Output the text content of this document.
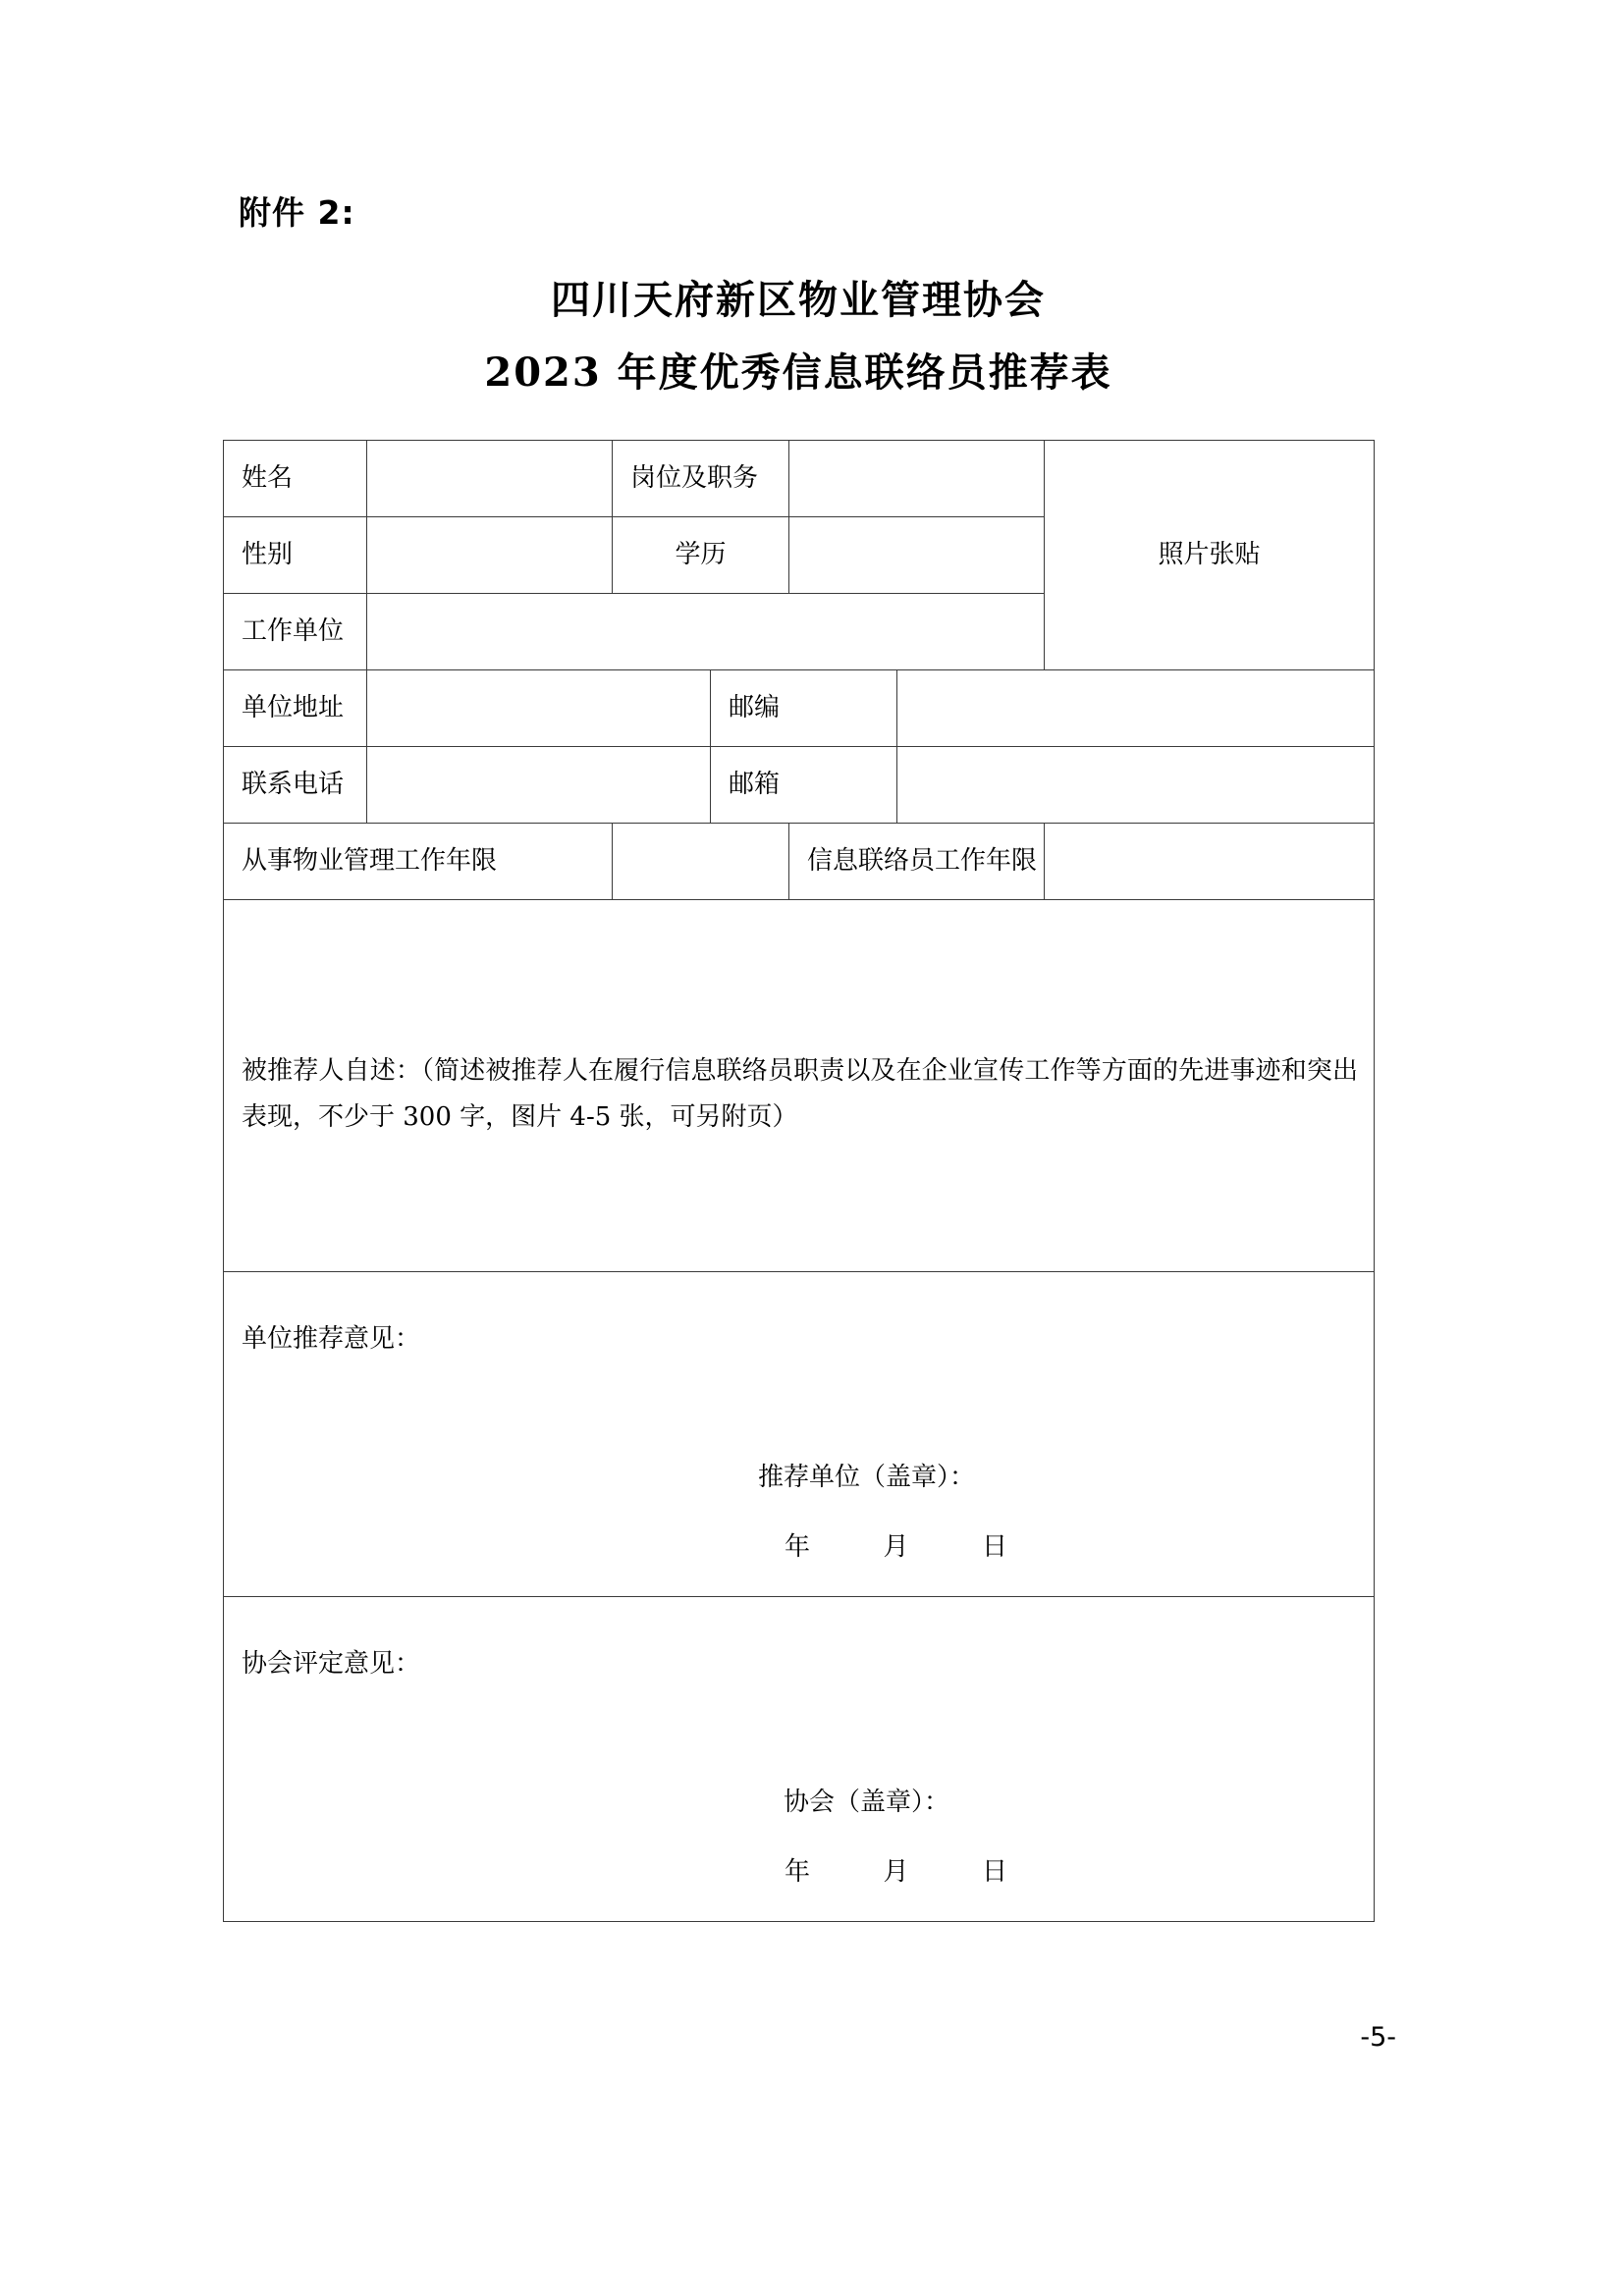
附件 2:
四川天府新区物业管理协会
2023 年度优秀信息联络员推荐表
姓名		岗位及职务				照片张贴
性别		学历				
工作单位						
单位地址			邮编			
联系电话			邮箱			
从事物业管理工作年限				信息联络员工作年限		

被推荐人自述：（简述被推荐人在履行信息联络员职责以及在企业宣传工作等方面的先进事迹和突出表现，不少于 300 字，图片 4-5 张，可另附页）						

单位推荐意见：
推荐单位（盖章）：
年 月 日						

协会评定意见：
协会（盖章）：
年 月 日						
-5-
